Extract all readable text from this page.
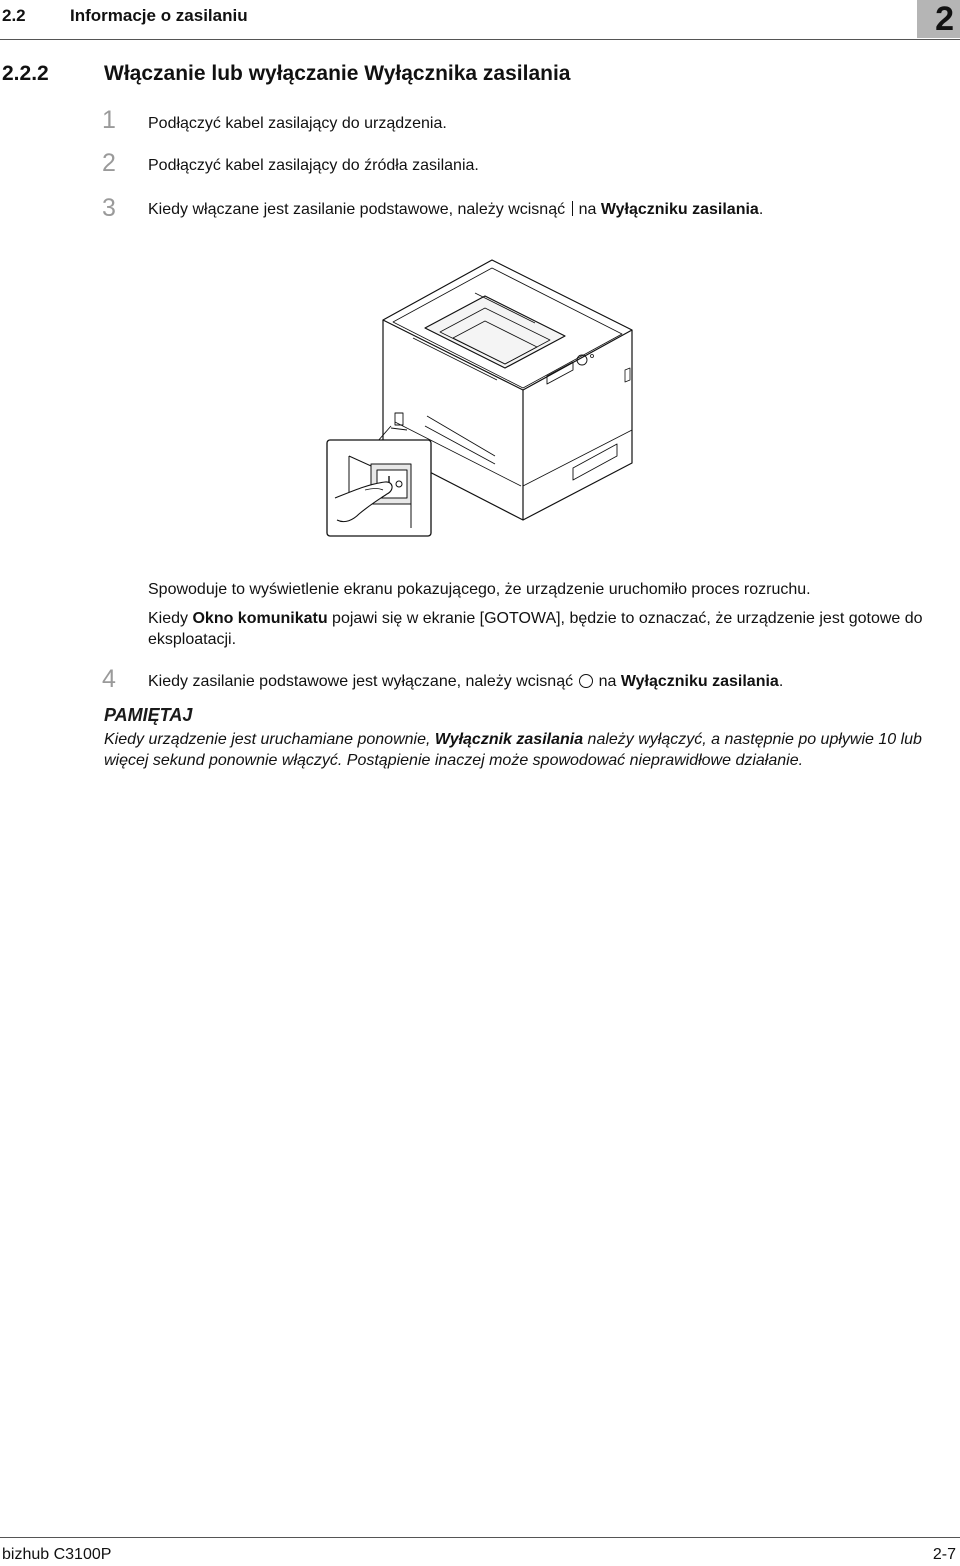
2.2	Informacje o zasilaniu	2
2.2.2	Włączanie lub wyłączanie Wyłącznika zasilania
1 Podłączyć kabel zasilający do urządzenia.
2 Podłączyć kabel zasilający do źródła zasilania.
3 Kiedy włączane jest zasilanie podstawowe, należy wcisnąć na Wyłączniku zasilania.
Spowoduje to wyświetlenie ekranu pokazującego, że urządzenie uruchomiło proces rozruchu.
Kiedy Okno komunikatu pojawi się w ekranie [GOTOWA], będzie to oznaczać, że urządzenie jest gotowe do eksploatacji.
4 Kiedy zasilanie podstawowe jest wyłączane, należy wcisnąć na Wyłączniku zasilania.
PAMIĘTAJ
Kiedy urządzenie jest uruchamiane ponownie, Wyłącznik zasilania należy wyłączyć, a następnie po upływie 10 lub więcej sekund ponownie włączyć. Postąpienie inaczej może spowodować nieprawidłowe działanie.
bizhub C3100P	2-7
